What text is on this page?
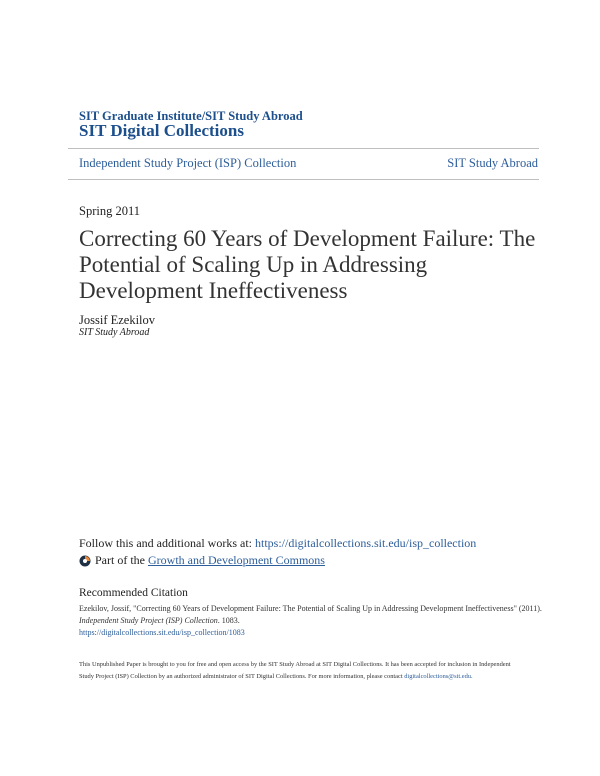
SIT Graduate Institute/SIT Study Abroad
SIT Digital Collections
Independent Study Project (ISP) Collection	SIT Study Abroad
Spring 2011
Correcting 60 Years of Development Failure: The Potential of Scaling Up in Addressing Development Ineffectiveness
Jossif Ezekilov
SIT Study Abroad
Follow this and additional works at: https://digitalcollections.sit.edu/isp_collection
Part of the
Growth and Development Commons
Recommended Citation
Ezekilov, Jossif, "Correcting 60 Years of Development Failure: The Potential of Scaling Up in Addressing Development Ineffectiveness" (2011). Independent Study Project (ISP) Collection. 1083.
https://digitalcollections.sit.edu/isp_collection/1083
This Unpublished Paper is brought to you for free and open access by the SIT Study Abroad at SIT Digital Collections. It has been accepted for inclusion in Independent Study Project (ISP) Collection by an authorized administrator of SIT Digital Collections. For more information, please contact digitalcollections@sit.edu.
